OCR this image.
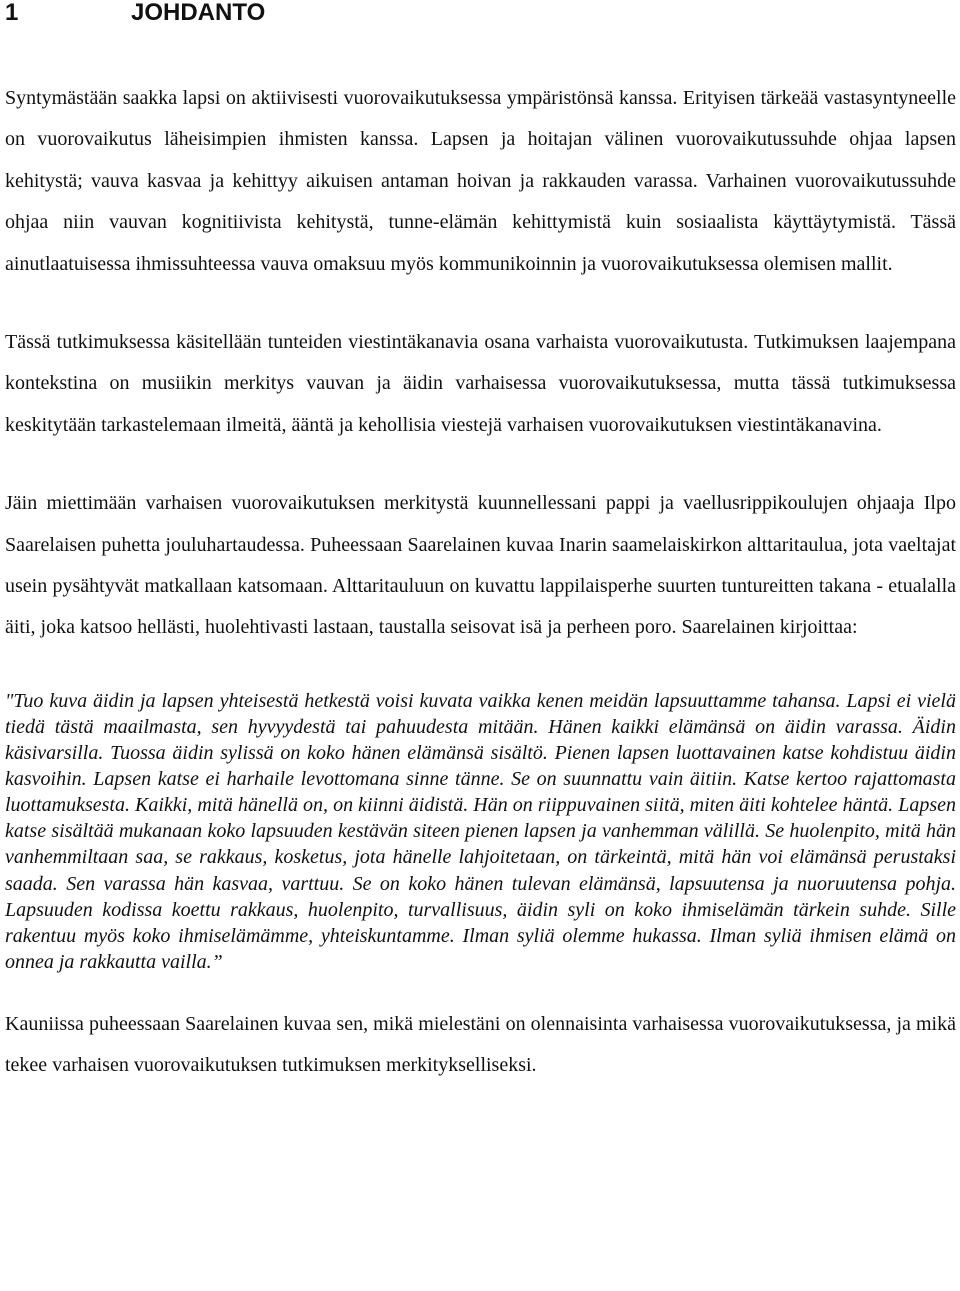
1	JOHDANTO

Syntymästään saakka lapsi on aktiivisesti vuorovaikutuksessa ympäristönsä kanssa. Erityisen tärkeää vastasyntyneelle on vuorovaikutus läheisimpien ihmisten kanssa. Lapsen ja hoitajan välinen vuorovaikutussuhde ohjaa lapsen kehitystä; vauva kasvaa ja kehittyy aikuisen antaman hoivan ja rakkauden varassa. Varhainen vuorovaikutussuhde ohjaa niin vauvan kognitiivista kehitystä, tunne-elämän kehittymistä kuin sosiaalista käyttäytymistä. Tässä ainutlaatuisessa ihmissuhteessa vauva omaksuu myös kommunikoinnin ja vuorovaikutuksessa olemisen mallit.

Tässä tutkimuksessa käsitellään tunteiden viestintäkanavia osana varhaista vuorovaikutusta. Tutkimuksen laajempana kontekstina on musiikin merkitys vauvan ja äidin varhaisessa vuorovaikutuksessa, mutta tässä tutkimuksessa keskitytään tarkastelemaan ilmeitä, ääntä ja kehollisia viestejä varhaisen vuorovaikutuksen viestintäkanavina.

Jäin miettimään varhaisen vuorovaikutuksen merkitystä kuunnellessani pappi ja vaellusrippikoulujen ohjaaja Ilpo Saarelaisen puhetta jouluhartaudessa. Puheessaan Saarelainen kuvaa Inarin saamelaiskirkon alttaritaulua, jota vaeltajat usein pysähtyvät matkallaan katsomaan. Alttaritauluun on kuvattu lappilaisperhe suurten tuntureitten takana - etualalla äiti, joka katsoo hellästi, huolehtivasti lastaan, taustalla seisovat isä ja perheen poro. Saarelainen kirjoittaa:

"Tuo kuva äidin ja lapsen yhteisestä hetkestä voisi kuvata vaikka kenen meidän lapsuuttamme tahansa. Lapsi ei vielä tiedä tästä maailmasta, sen hyvyydestä tai pahuudesta mitään. Hänen kaikki elämänsä on äidin varassa. Äidin käsivarsilla. Tuossa äidin sylissä on koko hänen elämänsä sisältö. Pienen lapsen luottavainen katse kohdistuu äidin kasvoihin. Lapsen katse ei harhaile levottomana sinne tänne. Se on suunnattu vain äitiin. Katse kertoo rajattomasta luottamuksesta. Kaikki, mitä hänellä on, on kiinni äidistä. Hän on riippuvainen siitä, miten äiti kohtelee häntä. Lapsen katse sisältää mukanaan koko lapsuuden kestävän siteen pienen lapsen ja vanhemman välillä. Se huolenpito, mitä hän vanhemmiltaan saa, se rakkaus, kosketus, jota hänelle lahjoitetaan, on tärkeintä, mitä hän voi elämänsä perustaksi saada. Sen varassa hän kasvaa, varttuu. Se on koko hänen tulevan elämänsä, lapsuutensa ja nuoruutensa pohja. Lapsuuden kodissa koettu rakkaus, huolenpito, turvallisuus, äidin syli on koko ihmiselämän tärkein suhde. Sille rakentuu myös koko ihmiselämämme, yhteiskuntamme. Ilman syliä olemme hukassa. Ilman syliä ihmisen elämä on onnea ja rakkautta vailla.”

Kauniissa puheessaan Saarelainen kuvaa sen, mikä mielestäni on olennaisinta varhaisessa vuorovaikutuksessa, ja mikä tekee varhaisen vuorovaikutuksen tutkimuksen merkitykselliseksi.
